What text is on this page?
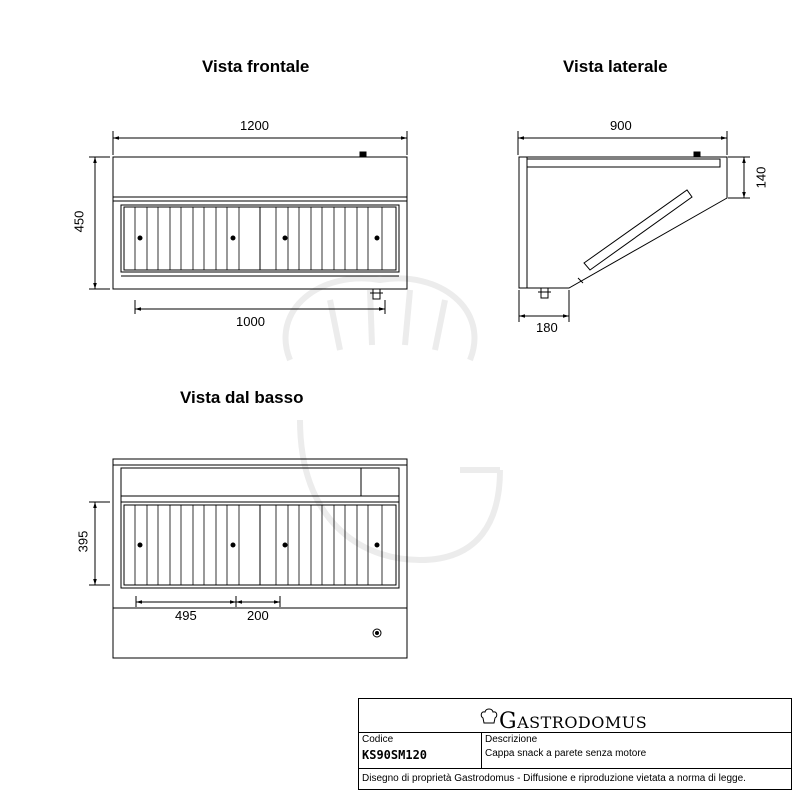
Vista frontale	Vista laterale
Vista dal basso
1200
450
1000
900
140
180
395
495	200
GASTRODOMUS
Codice
KS90SM120
Descrizione
Cappa snack a parete senza motore
Disegno di proprietà Gastrodomus - Diffusione e riproduzione vietata a norma di legge.
